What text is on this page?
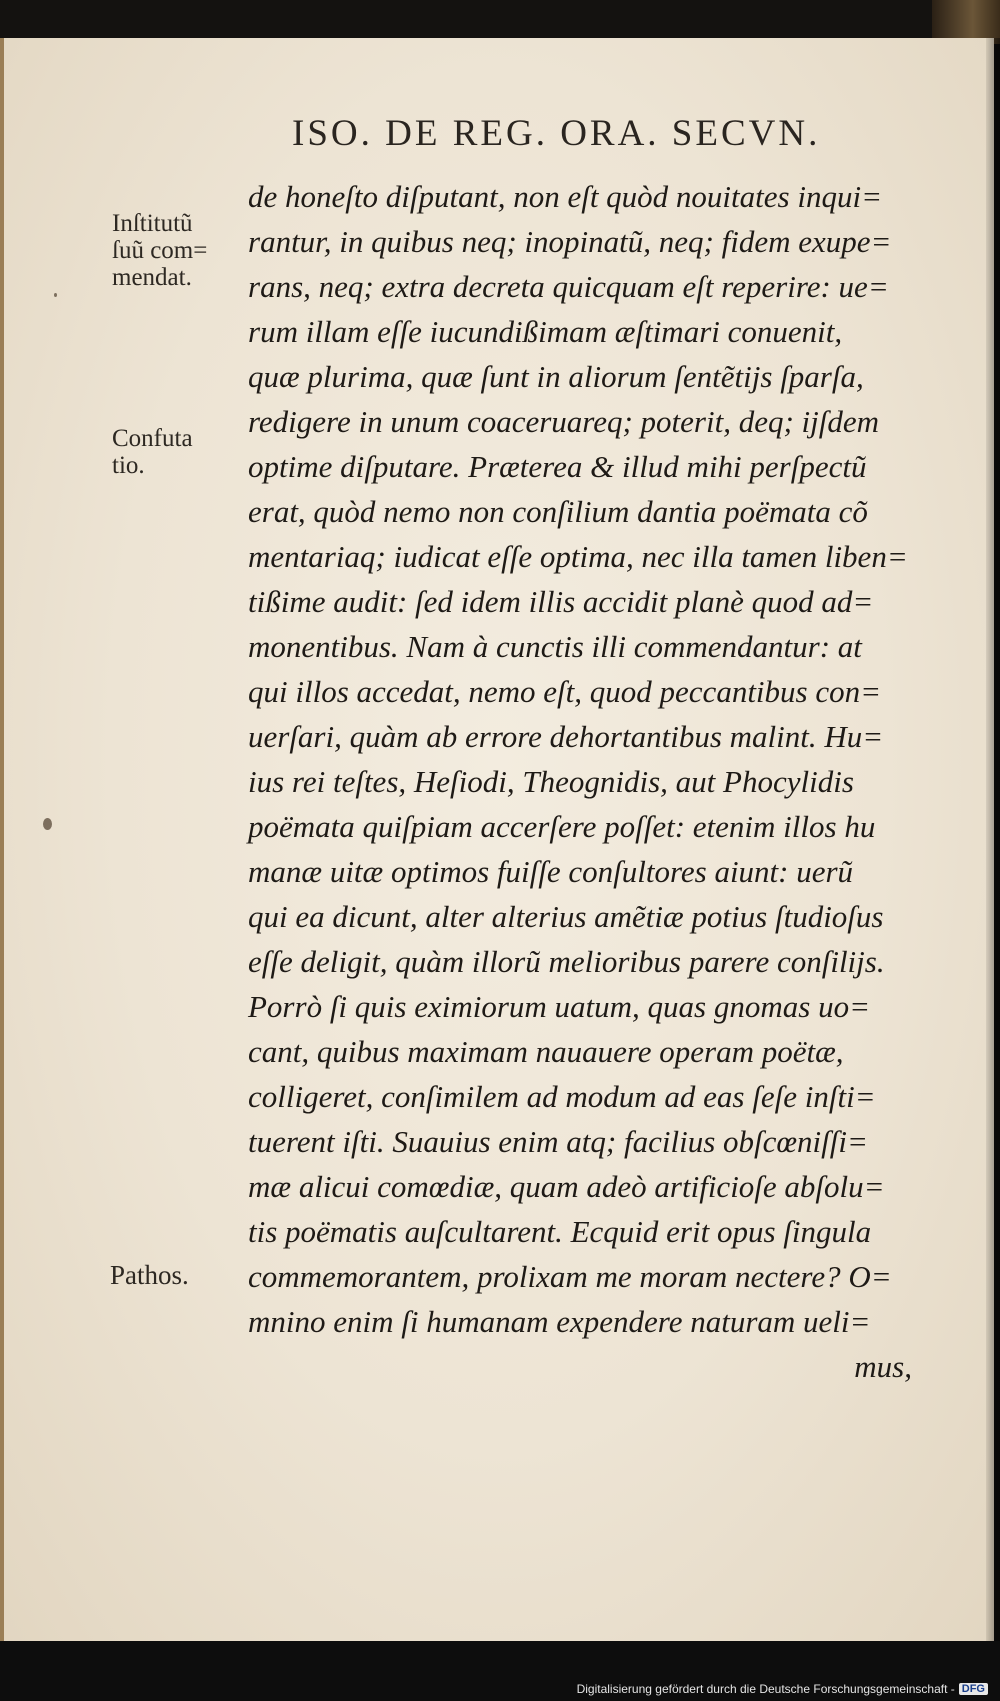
ISO. DE REG. ORA. SECVN.
Inſtitutũ
ſuũ com=
mendat.
Confuta
tio.
Pathos.
de honeſto diſputant, non eſt quòd nouitates inqui=
rantur, in quibus neq; inopinatũ, neq; fidem exupe=
rans, neq; extra decreta quicquam eſt reperire: ue=
rum illam eſſe iucundißimam æſtimari conuenit,
quæ plurima, quæ ſunt in aliorum ſentẽtijs ſparſa,
redigere in unum coaceruareq; poterit, deq; ijſdem
optime diſputare. Præterea & illud mihi perſpectũ
erat, quòd nemo non conſilium dantia poëmata cõ
mentariaq; iudicat eſſe optima, nec illa tamen liben=
tißime audit: ſed idem illis accidit planè quod ad=
monentibus. Nam à cunctis illi commendantur: at
qui illos accedat, nemo eſt, quod peccantibus con=
uerſari, quàm ab errore dehortantibus malint. Hu=
ius rei teſtes, Heſiodi, Theognidis, aut Phocylidis
poëmata quiſpiam accerſere poſſet: etenim illos hu
manæ uitæ optimos fuiſſe conſultores aiunt: uerũ
qui ea dicunt, alter alterius amẽtiæ potius ſtudioſus
eſſe deligit, quàm illorũ melioribus parere conſilijs.
Porrò ſi quis eximiorum uatum, quas gnomas uo=
cant, quibus maximam nauauere operam poëtæ,
colligeret, conſimilem ad modum ad eas ſeſe inſti=
tuerent iſti. Suauius enim atq; facilius obſcœniſſi=
mæ alicui comœdiæ, quam adeò artificioſe abſolu=
tis poëmatis auſcultarent. Ecquid erit opus ſingula
commemorantem, prolixam me moram nectere? O=
mnino enim ſi humanam expendere naturam ueli=
mus,
Digitalisierung gefördert durch die Deutsche Forschungsgemeinschaft - DFG
